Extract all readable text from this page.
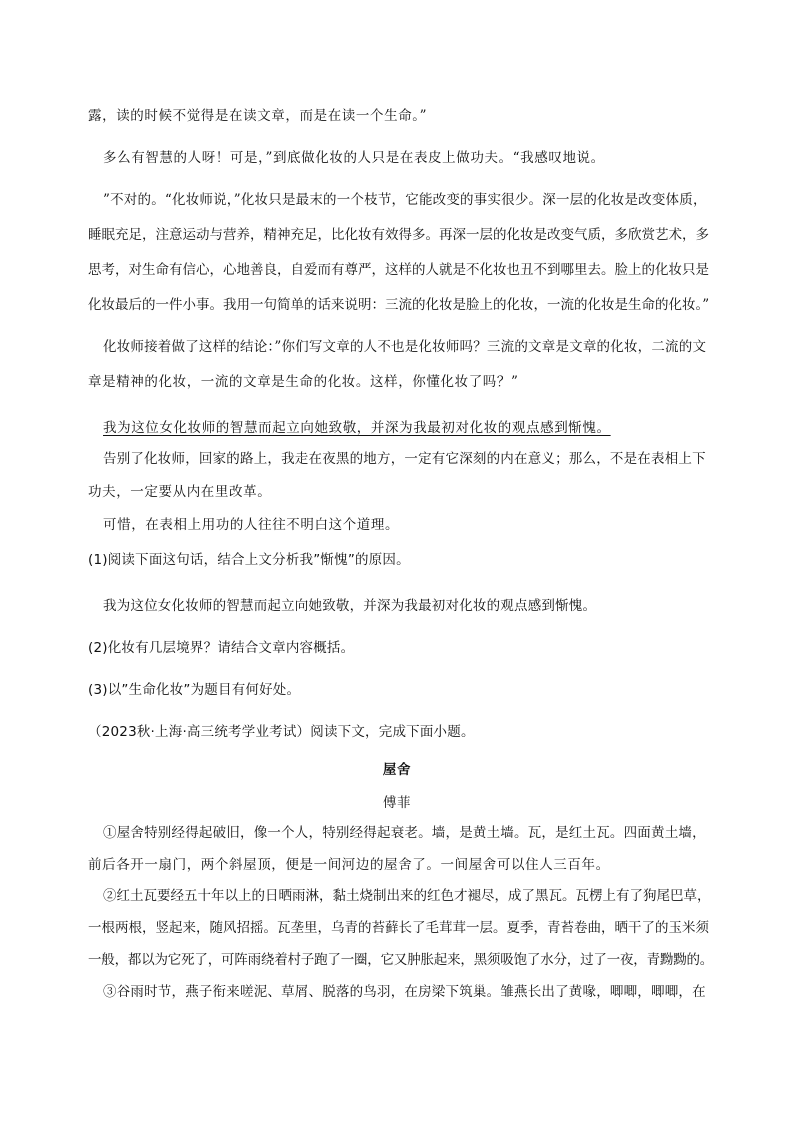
露，读的时候不觉得是在读文章，而是在读一个生命。”
多么有智慧的人呀！可是，”到底做化妆的人只是在表皮上做功夫。“我感叹地说。
”不对的。“化妆师说，”化妆只是最末的一个枝节，它能改变的事实很少。深一层的化妆是改变体质，
睡眠充足，注意运动与营养，精神充足，比化妆有效得多。再深一层的化妆是改变气质，多欣赏艺术，多
思考，对生命有信心，心地善良，自爱而有尊严，这样的人就是不化妆也丑不到哪里去。脸上的化妆只是
化妆最后的一件小事。我用一句简单的话来说明：三流的化妆是脸上的化妆，一流的化妆是生命的化妆。”
化妆师接着做了这样的结论：”你们写文章的人不也是化妆师吗？三流的文章是文章的化妆，二流的文
章是精神的化妆，一流的文章是生命的化妆。这样，你懂化妆了吗？”
我为这位女化妆师的智慧而起立向她致敬，并深为我最初对化妆的观点感到惭愧。
告别了化妆师，回家的路上，我走在夜黑的地方，一定有它深刻的内在意义；那么，不是在表相上下
功夫，一定要从内在里改革。
可惜，在表相上用功的人往往不明白这个道理。
(1)阅读下面这句话，结合上文分析我”惭愧”的原因。
我为这位女化妆师的智慧而起立向她致敬，并深为我最初对化妆的观点感到惭愧。
(2)化妆有几层境界？请结合文章内容概括。
(3)以”生命化妆”为题目有何好处。
（2023秋·上海·高三统考学业考试）阅读下文，完成下面小题。
屋舍
傅菲
①屋舍特别经得起破旧，像一个人，特别经得起衰老。墙，是黄土墙。瓦，是红土瓦。四面黄土墙，
前后各开一扇门，两个斜屋顶，便是一间河边的屋舍了。一间屋舍可以住人三百年。
②红土瓦要经五十年以上的日晒雨淋，黏土烧制出来的红色才褪尽，成了黑瓦。瓦楞上有了狗尾巴草，
一根两根，竖起来，随风招摇。瓦垄里，乌青的苔藓长了毛茸茸一层。夏季，青苔卷曲，晒干了的玉米须
一般，都以为它死了，可阵雨绕着村子跑了一圈，它又肿胀起来，黑须吸饱了水分，过了一夜，青黝黝的。
③谷雨时节，燕子衔来嗟泥、草屑、脱落的鸟羽，在房梁下筑巢。雏燕长出了黄喙，唧唧，唧唧，在
